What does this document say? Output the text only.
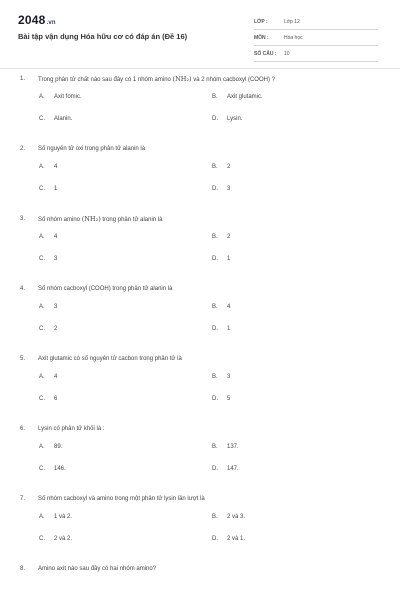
2048.vn
Bài tập vận dụng Hóa hữu cơ có đáp án (Đề 16)
LỚP :	Lớp 12
MÔN :	Hóa học
SỐ CÂU :	10
1.	Trong phân tử chất nào sau đây có 1 nhóm amino (NH₂) và 2 nhóm cacboxyl (COOH) ?
A.	Axit fomic.	B.	Axit glutamic.
C.	Alanin.	D.	Lysin.
2.	Số nguyên tử oxi trong phân tử alanin là
A.	4	B.	2
C.	1	D.	3
3.	Số nhóm amino (NH₂) trong phân tử alanin là
A.	4	B.	2
C.	3	D.	1
4.	Số nhóm cacboxyl (COOH) trong phân tử alanin là
A.	3	B.	4
C.	2	D.	1
5.	Axit glutamic có số nguyên tử cacbon trong phân tử là
A.	4	B.	3
C.	6	D.	5
6.	Lysin có phân tử khối là :
A.	89.	B.	137.
C.	146.	D.	147.
7.	Số nhóm cacboxyl và amino trong một phân tử lysin lần lượt là
A.	1 và 2.	B.	2 và 3.
C.	2 và 2.	D.	2 và 1.
8.	Amino axit nào sau đây có hai nhóm amino?
